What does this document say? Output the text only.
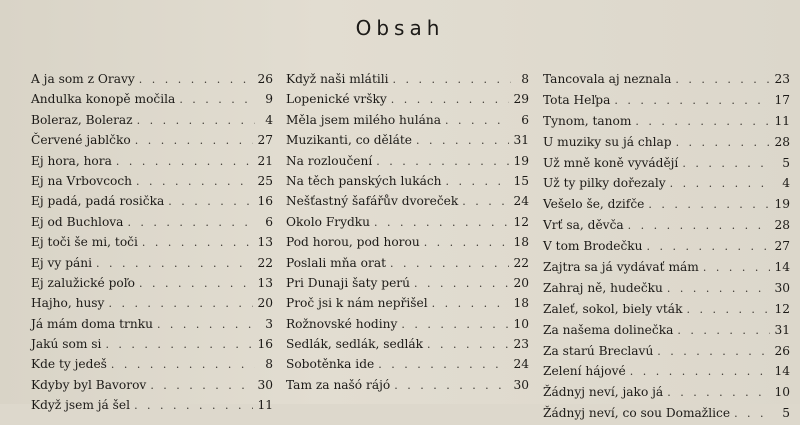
Obsah
A ja som z Oravy . . .	26
Andulka konopě močila . . .	9
Boleraz, Boleraz . . .	4
Červené jablčko . . .	27
Ej hora, hora . . .	21
Ej na Vrbovcoch . . .	25
Ej padá, padá rosička . . .	16
Ej od Buchlova . . .	6
Ej toči še mi, toči . . .	13
Ej vy páni . . .	22
Ej zalužické poľo . . .	13
Hajho, husy . . .	20
Já mám doma trnku . . .	3
Jakú som si . . .	16
Kde ty jedeš . . .	8
Kdyby byl Bavorov . . .	30
Když jsem já šel . . .	11
Když naši mlátili . . .	8
Lopenické vršky . . .	29
Měla jsem milého hulána . . .	6
Muzikanti, co děláte . . .	31
Na rozloučení . . .	19
Na těch panských lukách . . .	15
Nešťastný šafářův dvoreček . . .	24
Okolo Frydku . . .	12
Pod horou, pod horou . . .	18
Poslali mňa orat . . .	22
Pri Dunaji šaty perú . . .	20
Proč jsi k nám nepřišel . . .	18
Rožnovské hodiny . . .	10
Sedlák, sedlák, sedlák . . .	23
Sobotěnka ide . . .	24
Tam za našó rájó . . .	30
Tancovala aj neznala . . .	23
Tota Heľpa . . .	17
Tynom, tanom . . .	11
U muziky su já chlap . . .	28
Už mně koně vyvádějí . . .	5
Už ty pilky dořezaly . . .	4
Vešelo še, dzifče . . .	19
Vrť sa, děvča . . .	28
V tom Brodečku . . .	27
Zajtra sa já vydávať mám . . .	14
Zahraj ně, hudečku . . .	30
Zaleť, sokol, biely vták . . .	12
Za našema dolinečka . . .	31
Za starú Breclavú . . .	26
Zelení hájové . . .	14
Žádnyj neví, jako já . . .	10
Žádnyj neví, co sou Domažlice . . .	5
